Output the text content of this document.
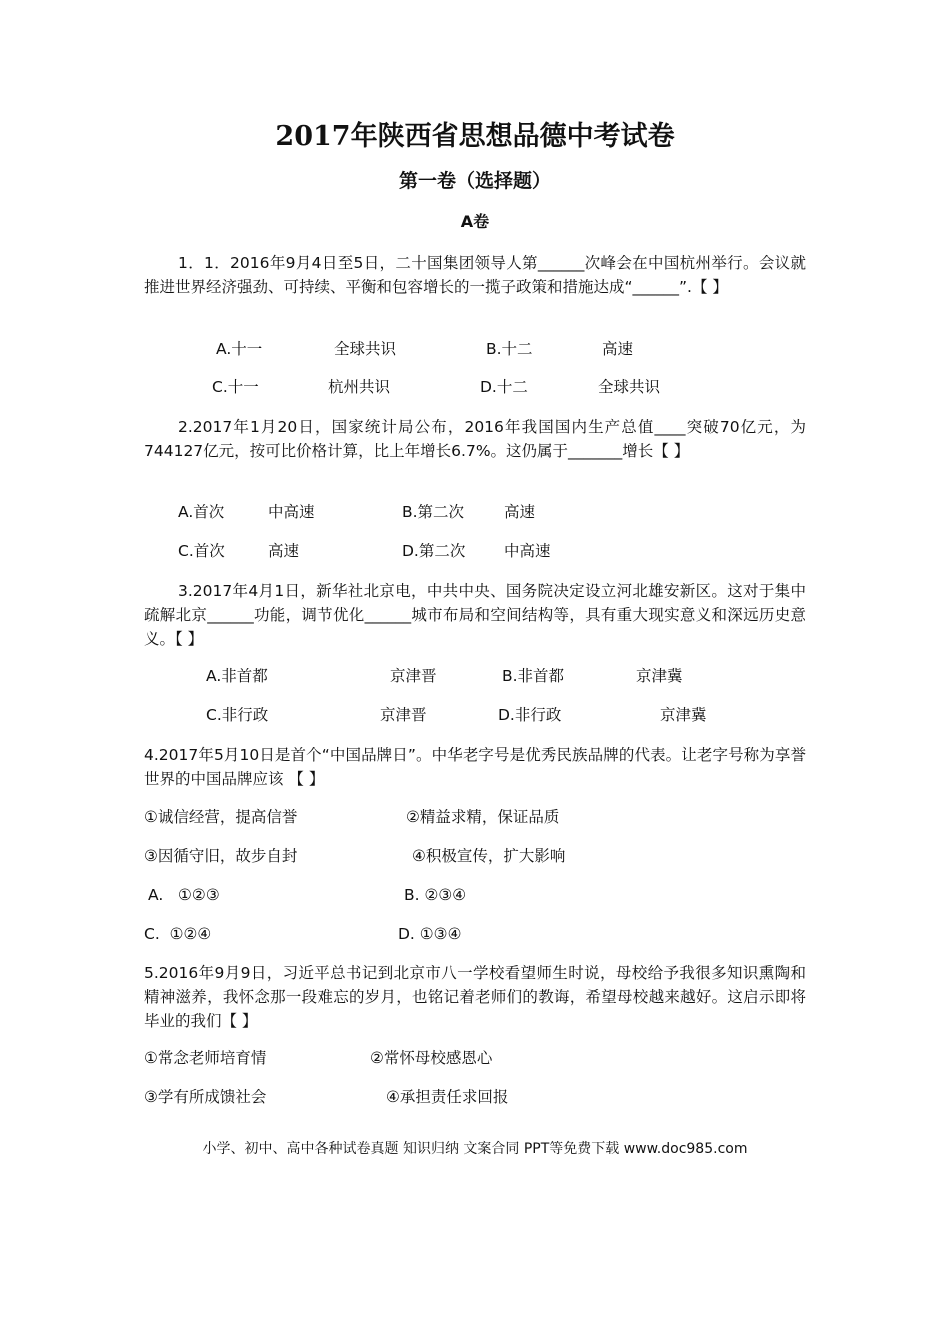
2017年陕西省思想品德中考试卷
第一卷（选择题）
A卷

1．1．2016年9月4日至5日，二十国集团领导人第______次峰会在中国杭州举行。会议就推进世界经济强劲、可持续、平衡和包容增长的一揽子政策和措施达成“______”.【 】

A.十一	全球共识	B.十二	高速
C.十一	杭州共识	D.十二	全球共识

2.2017年1月20日，国家统计局公布，2016年我国国内生产总值____突破70亿元，为744127亿元，按可比价格计算，比上年增长6.7%。这仍属于_______增长【 】

A.首次	中高速	B.第二次	高速
C.首次	高速	D.第二次 中高速

3.2017年4月1日，新华社北京电，中共中央、国务院决定设立河北雄安新区。这对于集中疏解北京______功能，调节优化______城市布局和空间结构等，具有重大现实意义和深远历史意义。【 】

A.非首都	京津晋	B.非首都	京津冀
C.非行政	京津晋	D.非行政	京津冀

4.2017年5月10日是首个“中国品牌日”。中华老字号是优秀民族品牌的代表。让老字号称为享誉世界的中国品牌应该 【 】

①诚信经营，提高信誉	②精益求精，保证品质
③因循守旧，故步自封	④积极宣传，扩大影响
A.   ①②③	B. ②③④
C.  ①②④	D. ①③④

5.2016年9月9日，习近平总书记到北京市八一学校看望师生时说，母校给予我很多知识熏陶和精神滋养，我怀念那一段难忘的岁月，也铭记着老师们的教诲，希望母校越来越好。这启示即将毕业的我们【 】

①常念老师培育情	②常怀母校感恩心
③学有所成馈社会	④承担责任求回报

小学、初中、高中各种试卷真题 知识归纳 文案合同 PPT等免费下载 www.doc985.com
